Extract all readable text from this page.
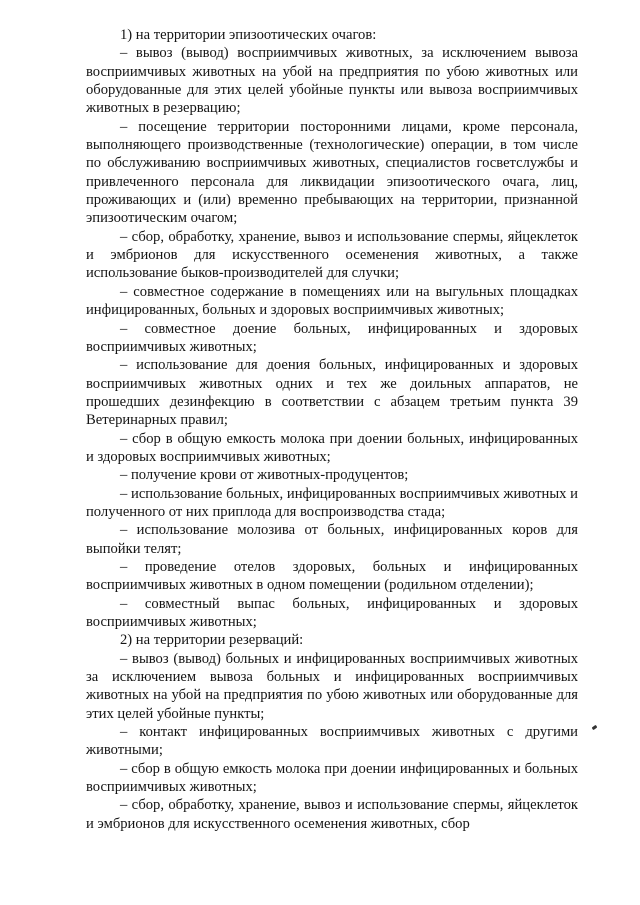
1) на территории эпизоотических очагов:

– вывоз (вывод) восприимчивых животных, за исключением вывоза восприимчивых животных на убой на предприятия по убою животных или оборудованные для этих целей убойные пункты или вывоза восприимчивых животных в резервацию;

– посещение территории посторонними лицами, кроме персонала, выполняющего производственные (технологические) операции, в том числе по обслуживанию восприимчивых животных, специалистов госветслужбы и привлеченного персонала для ликвидации эпизоотического очага, лиц, проживающих и (или) временно пребывающих на территории, признанной эпизоотическим очагом;

– сбор, обработку, хранение, вывоз и использование спермы, яйцеклеток и эмбрионов для искусственного осеменения животных, а также использование быков-производителей для случки;

– совместное содержание в помещениях или на выгульных площадках инфицированных, больных и здоровых восприимчивых животных;

– совместное доение больных, инфицированных и здоровых восприимчивых животных;

– использование для доения больных, инфицированных и здоровых восприимчивых животных одних и тех же доильных аппаратов, не прошедших дезинфекцию в соответствии с абзацем третьим пункта 39 Ветеринарных правил;

– сбор в общую емкость молока при доении больных, инфицированных и здоровых восприимчивых животных;

– получение крови от животных-продуцентов;

– использование больных, инфицированных восприимчивых животных и полученного от них приплода для воспроизводства стада;

– использование молозива от больных, инфицированных коров для выпойки телят;

– проведение отелов здоровых, больных и инфицированных восприимчивых животных в одном помещении (родильном отделении);

– совместный выпас больных, инфицированных и здоровых восприимчивых животных;

2) на территории резерваций:

– вывоз (вывод) больных и инфицированных восприимчивых животных за исключением вывоза больных и инфицированных восприимчивых животных на убой на предприятия по убою животных или оборудованные для этих целей убойные пункты;

– контакт инфицированных восприимчивых животных с другими животными;

– сбор в общую емкость молока при доении инфицированных и больных восприимчивых животных;

– сбор, обработку, хранение, вывоз и использование спермы, яйцеклеток и эмбрионов для искусственного осеменения животных, сбор
